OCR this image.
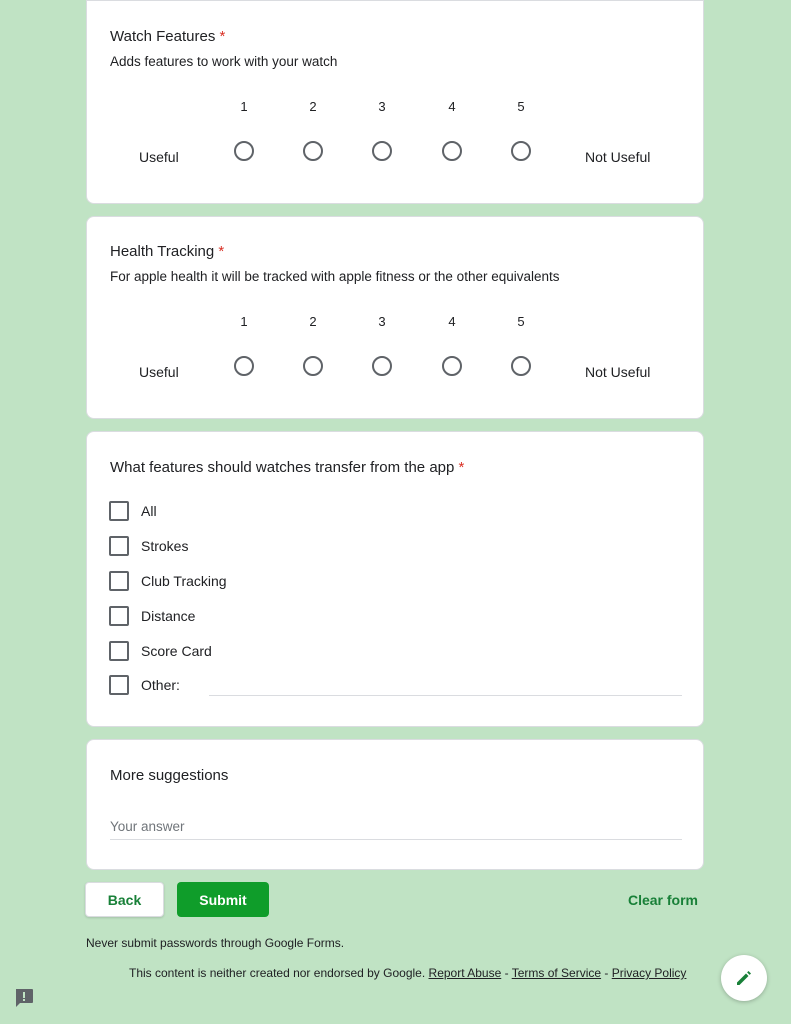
Watch Features *
Adds features to work with your watch
1	2	3	4	5
Useful	Not Useful
Health Tracking *
For apple health it will be tracked with apple fitness or the other equivalents
1	2	3	4	5
Useful	Not Useful
What features should watches transfer from the app *
All
Strokes
Club Tracking
Distance
Score Card
Other:
More suggestions
Your answer
Back	Submit	Clear form
Never submit passwords through Google Forms.
This content is neither created nor endorsed by Google. Report Abuse - Terms of Service - Privacy Policy
